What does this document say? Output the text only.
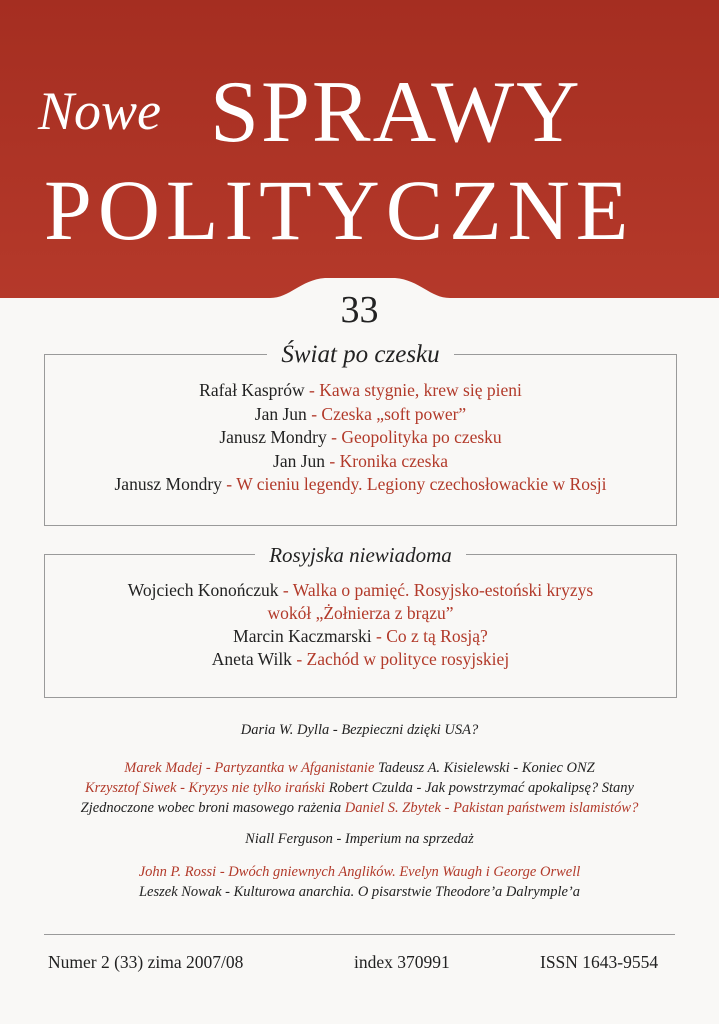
Nowe SPRAWY
POLITYCZNE
33
Świat po czesku
Rafał Kasprów - Kawa stygnie, krew się pieni
Jan Jun - Czeska „soft power”
Janusz Mondry - Geopolityka po czesku
Jan Jun - Kronika czeska
Janusz Mondry - W cieniu legendy. Legiony czechosłowackie w Rosji
Rosyjska niewiadoma
Wojciech Konończuk - Walka o pamięć. Rosyjsko-estoński kryzys
wokół „Żołnierza z brązu”
Marcin Kaczmarski - Co z tą Rosją?
Aneta Wilk - Zachód w polityce rosyjskiej
Daria W. Dylla - Bezpieczni dzięki USA?
Marek Madej - Partyzantka w Afganistanie Tadeusz A. Kisielewski - Koniec ONZ
Krzysztof Siwek - Kryzys nie tylko irański Robert Czulda - Jak powstrzymać apokalipsę? Stany
Zjednoczone wobec broni masowego rażenia Daniel S. Zbytek - Pakistan państwem islamistów?
Niall Ferguson - Imperium na sprzedaż
John P. Rossi - Dwóch gniewnych Anglików. Evelyn Waugh i George Orwell
Leszek Nowak - Kulturowa anarchia. O pisarstwie Theodore’a Dalrymple’a
Numer 2 (33) zima 2007/08	index 370991	ISSN 1643-9554
